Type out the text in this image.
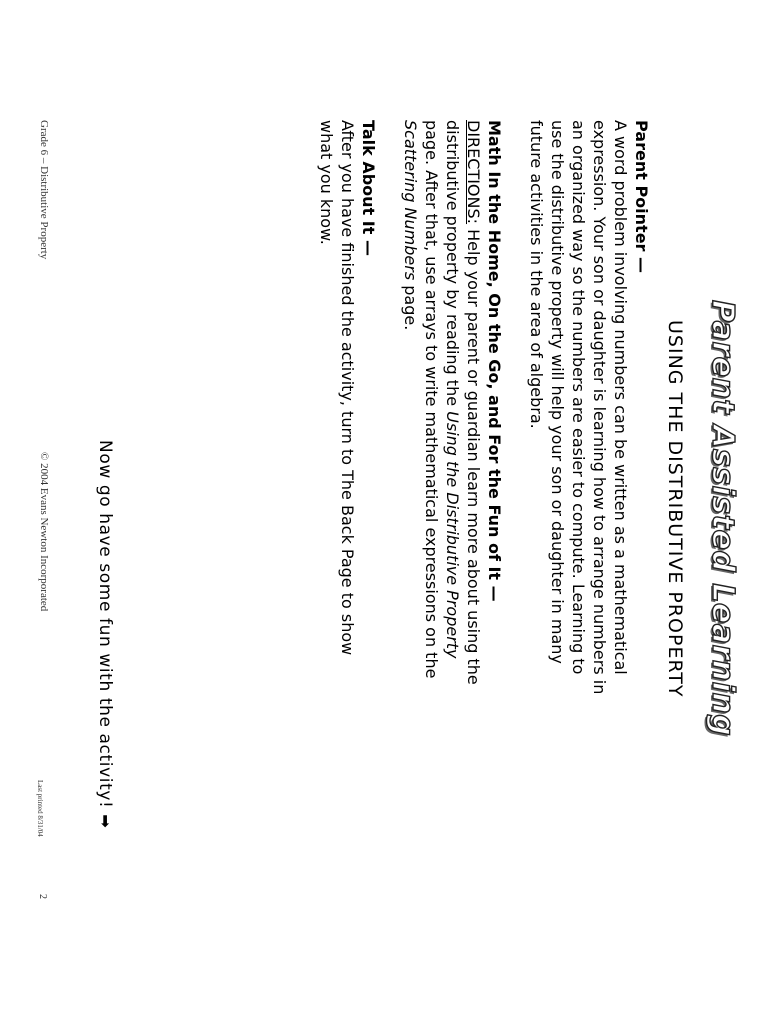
Parent Assisted Learning
USING THE DISTRIBUTIVE PROPERTY

Parent Pointer —

A word problem involving numbers can be written as a mathematical expression. Your son or daughter is learning how to arrange numbers in an organized way so the numbers are easier to compute. Learning to use the distributive property will help your son or daughter in many future activities in the area of algebra.

Math In the Home, On the Go, and For the Fun of It —

DIRECTIONS: Help your parent or guardian learn more about using the distributive property by reading the Using the Distributive Property page. After that, use arrays to write mathematical expressions on the Scattering Numbers page.

Talk About It —

After you have finished the activity, turn to The Back Page to show what you know.

Now go have some fun with the activity! ➡
Grade 6 – Distributive Property
© 2004 Evans Newton Incorporated
Last printed 8/31/04
2
